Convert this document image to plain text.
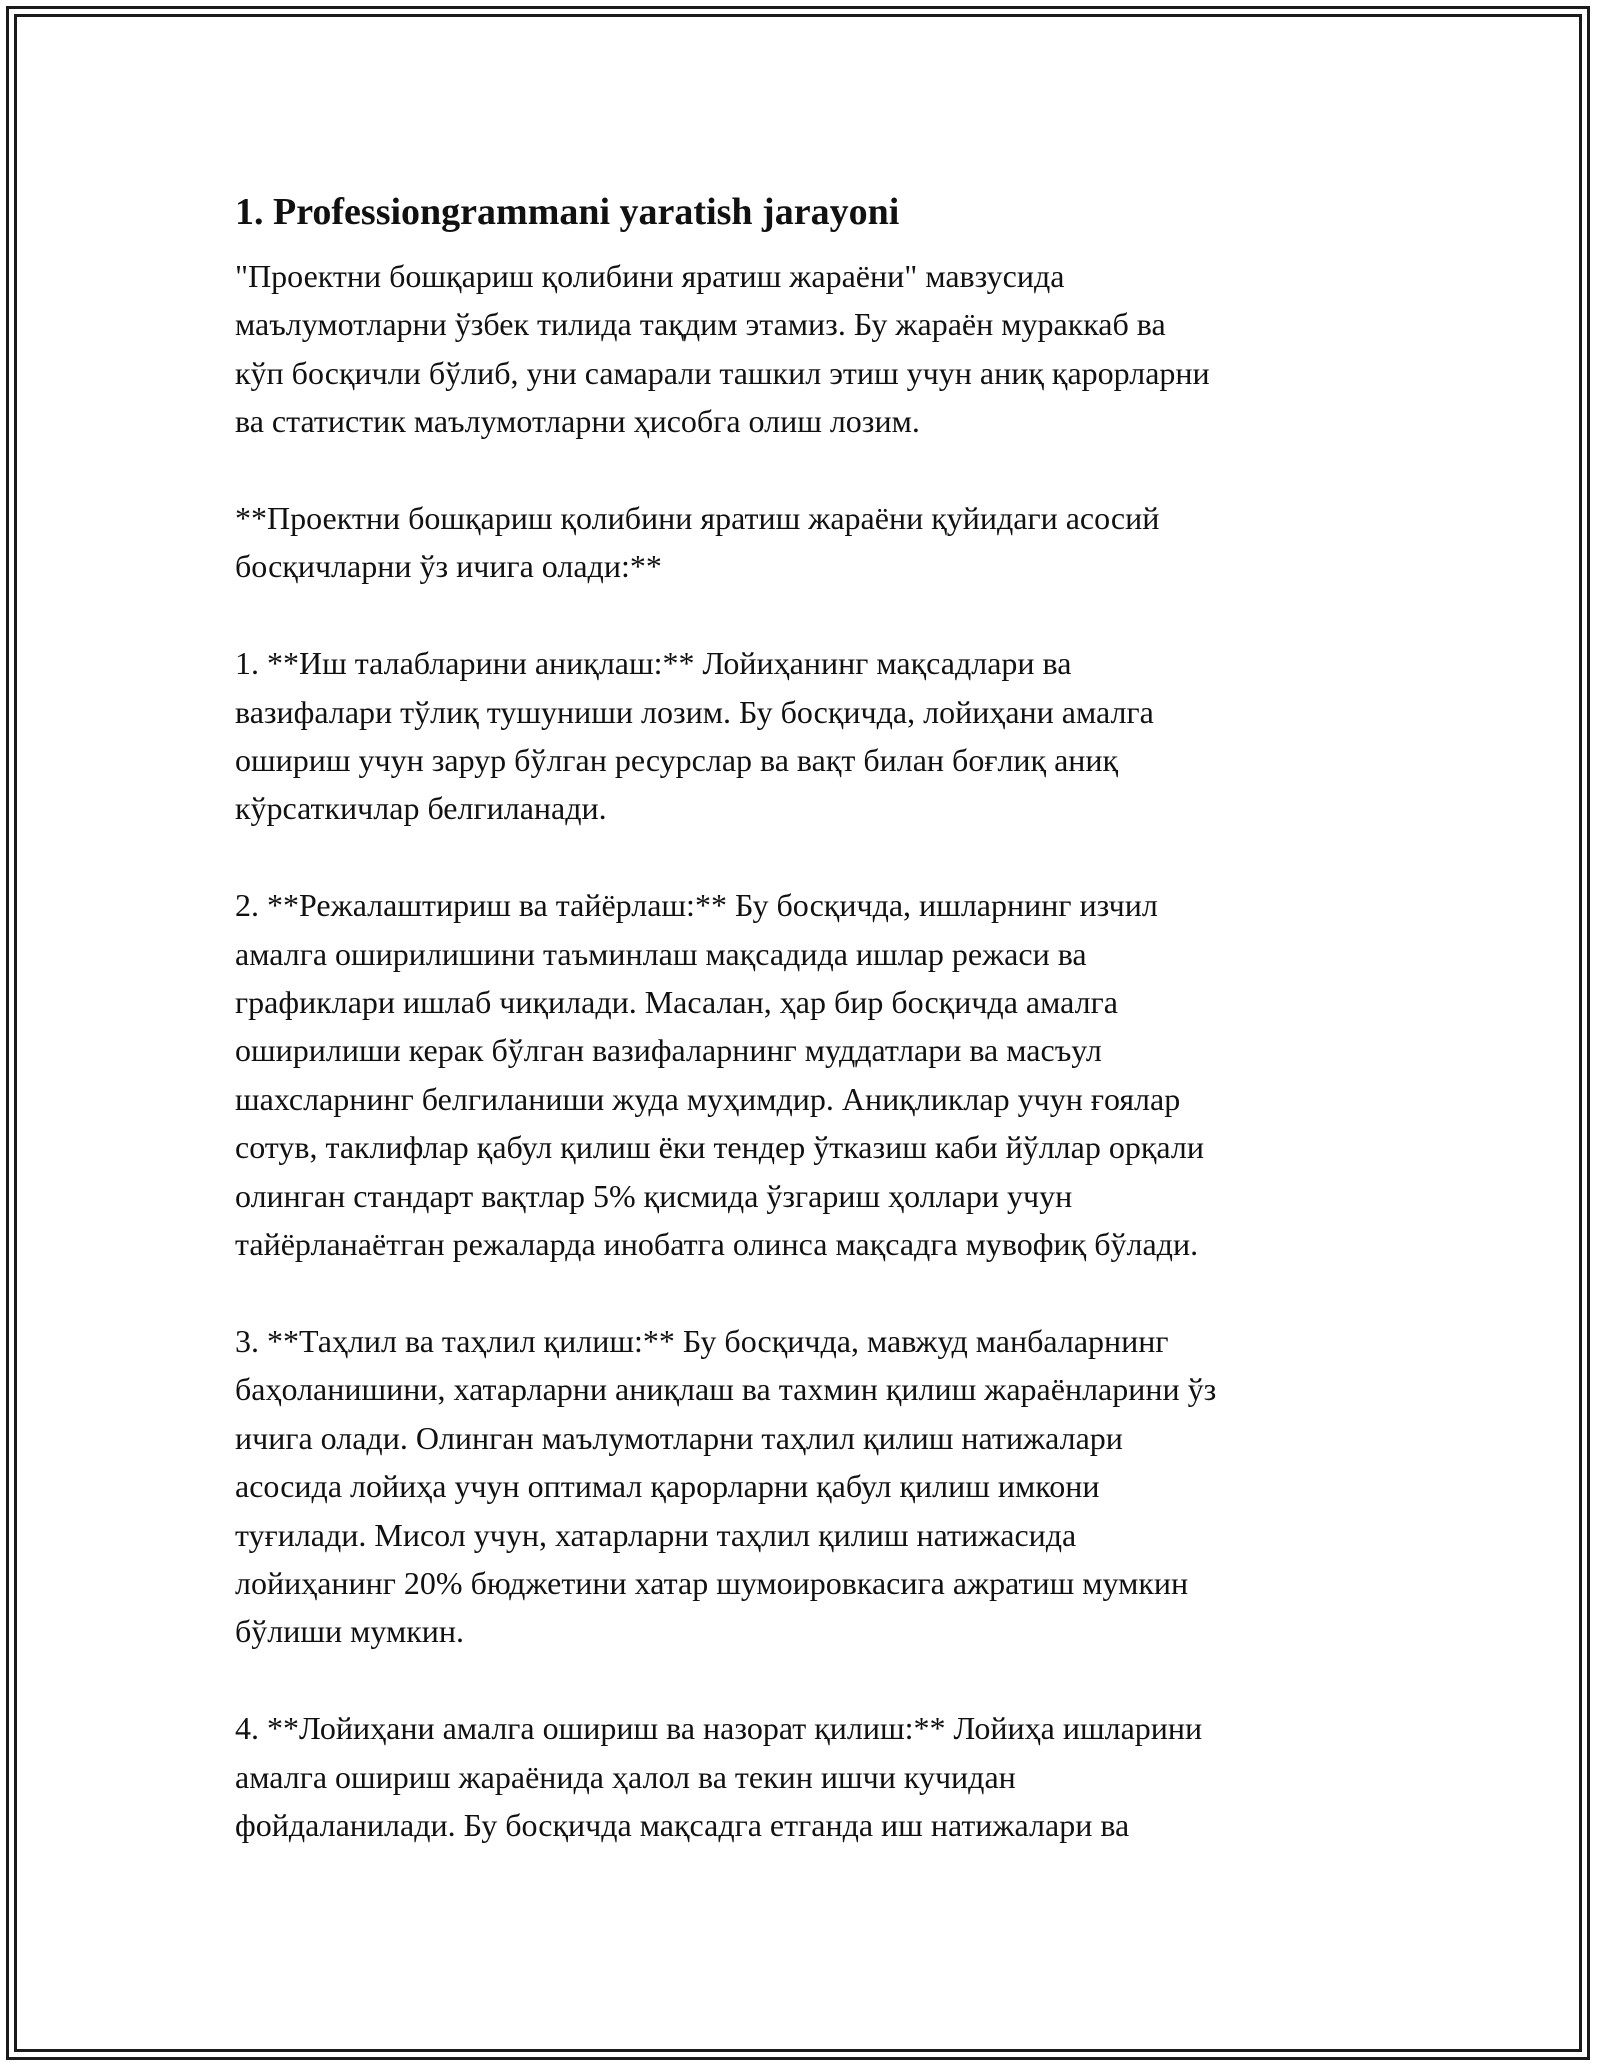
1. Professiongrammani yaratish jarayoni
"Проектни бошқариш қолибини яратиш жараёни" мавзусида
маълумотларни ўзбек тилида тақдим этамиз. Бу жараён мураккаб ва
кўп босқичли бўлиб, уни самарали ташкил этиш учун аниқ қарорларни
ва статистик маълумотларни ҳисобга олиш лозим.
**Проектни бошқариш қолибини яратиш жараёни қуйидаги асосий
босқичларни ўз ичига олади:**
1. **Иш талабларини аниқлаш:** Лойиҳанинг мақсадлари ва
вазифалари тўлиқ тушуниши лозим. Бу босқичда, лойиҳани амалга
ошириш учун зарур бўлган ресурслар ва вақт билан боғлиқ аниқ
кўрсаткичлар белгиланади.
2. **Режалаштириш ва тайёрлаш:** Бу босқичда, ишларнинг изчил
амалга оширилишини таъминлаш мақсадида ишлар режаси ва
графиклари ишлаб чиқилади. Масалан, ҳар бир босқичда амалга
оширилиши керак бўлган вазифаларнинг муддатлари ва масъул
шахсларнинг белгиланиши жуда муҳимдир. Аниқликлар учун ғоялар
сотув, таклифлар қабул қилиш ёки тендер ўтказиш каби йўллар орқали
олинган стандарт вақтлар 5% қисмида ўзгариш ҳоллари учун
тайёрланаётган режаларда инобатга олинса мақсадга мувофиқ бўлади.
3. **Таҳлил ва таҳлил қилиш:** Бу босқичда, мавжуд манбаларнинг
баҳоланишини, хатарларни аниқлаш ва тахмин қилиш жараёнларини ўз
ичига олади. Олинган маълумотларни таҳлил қилиш натижалари
асосида лойиҳа учун оптимал қарорларни қабул қилиш имкони
туғилади. Мисол учун, хатарларни таҳлил қилиш натижасида
лойиҳанинг 20% бюджетини хатар шумоировкасига ажратиш мумкин
бўлиши мумкин.
4. **Лойиҳани амалга ошириш ва назорат қилиш:** Лойиҳа ишларини
амалга ошириш жараёнида ҳалол ва текин ишчи кучидан
фойдаланилади. Бу босқичда мақсадга етганда иш натижалари ва
